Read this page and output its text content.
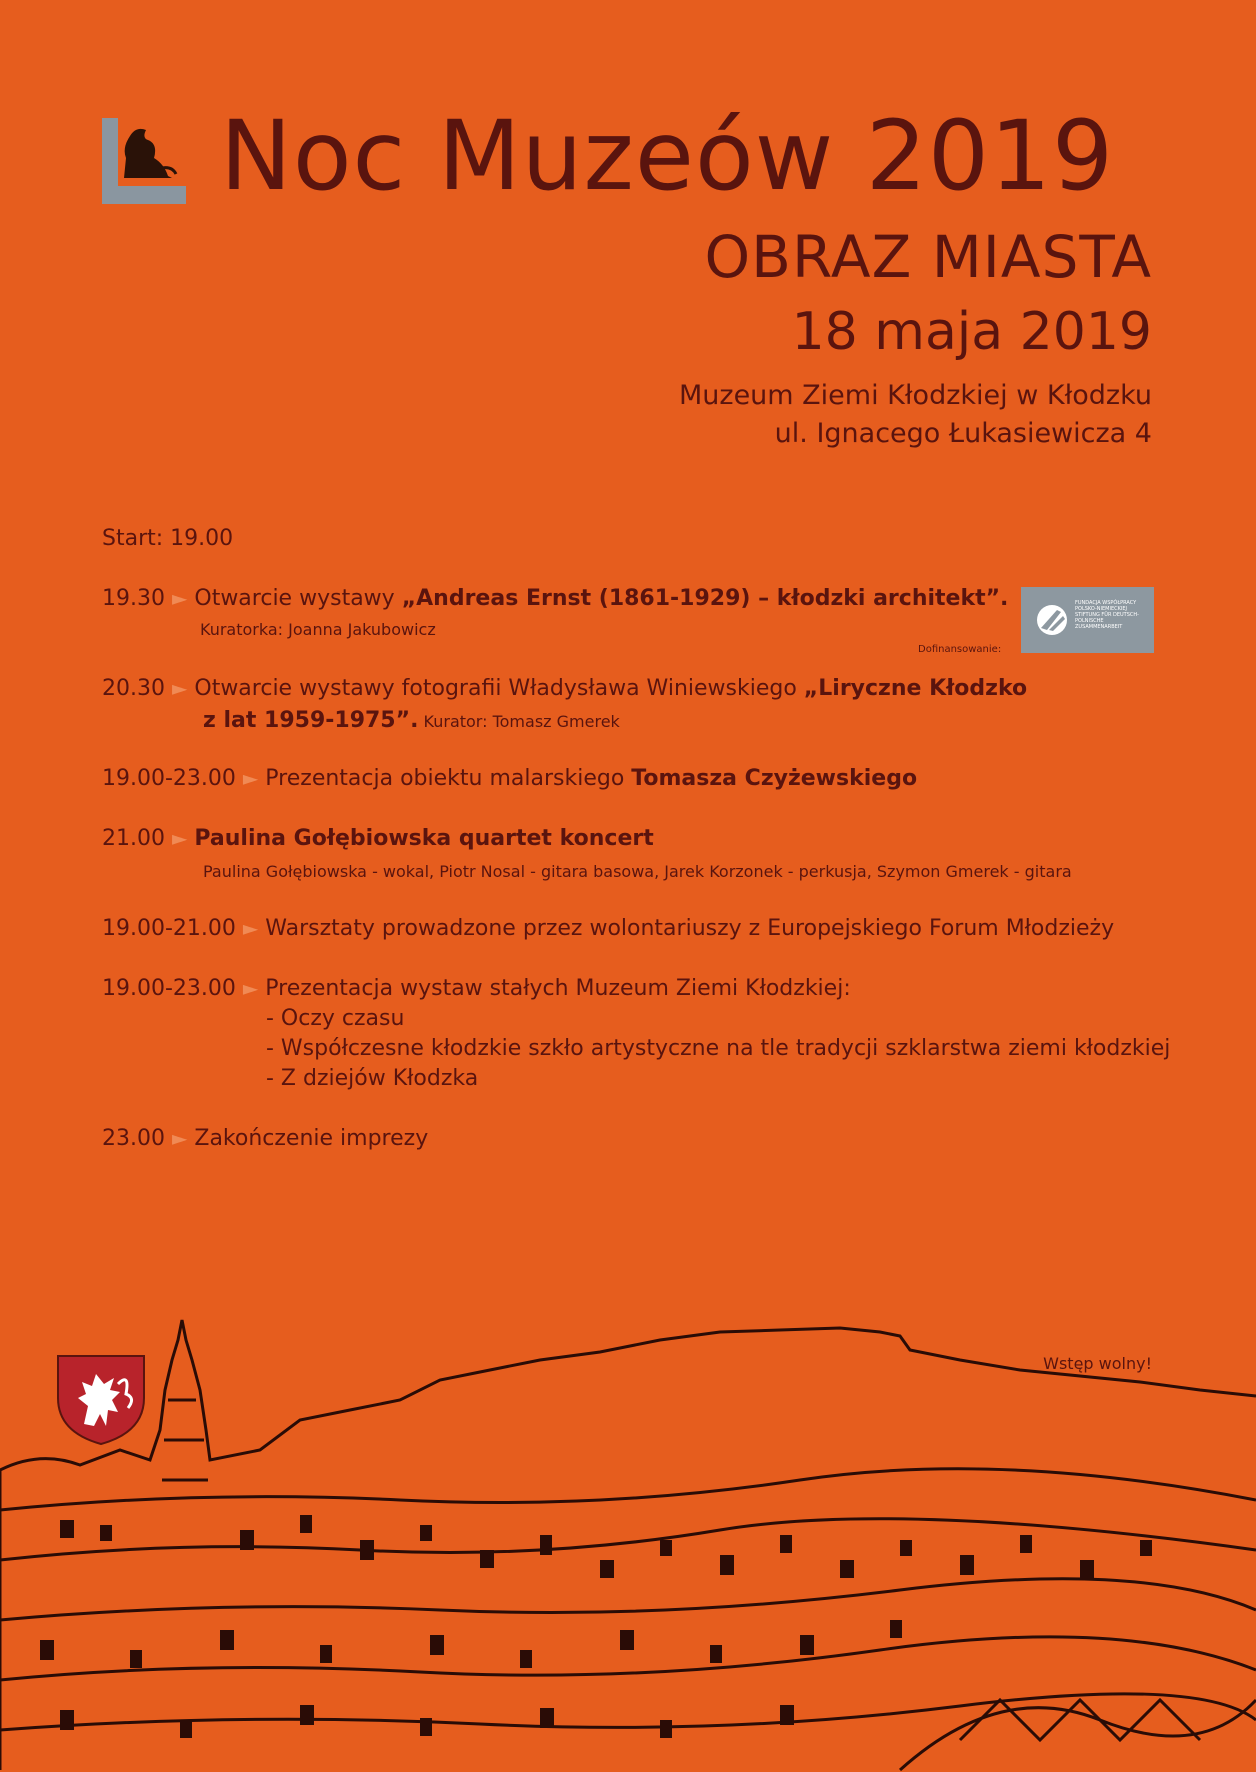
Noc Muzeów 2019
OBRAZ MIASTA
18 maja 2019
Muzeum Ziemi Kłodzkiej w Kłodzku
ul. Ignacego Łukasiewicza 4
Start: 19.00
19.30 ► Otwarcie wystawy „Andreas Ernst (1861-1929) – kłodzki architekt”.
Kuratorka: Joanna Jakubowicz
Dofinansowanie:
FUNDACJA WSPÓŁPRACY POLSKO-NIEMIECKIEJ STIFTUNG FÜR DEUTSCH-POLNISCHE ZUSAMMENARBEIT
20.30 ► Otwarcie wystawy fotografii Władysława Winiewskiego „Liryczne Kłodzko
z lat 1959-1975”. Kurator: Tomasz Gmerek
19.00-23.00 ► Prezentacja obiektu malarskiego Tomasza Czyżewskiego
21.00 ► Paulina Gołębiowska quartet koncert
Paulina Gołębiowska - wokal, Piotr Nosal - gitara basowa, Jarek Korzonek - perkusja, Szymon Gmerek - gitara
19.00-21.00 ► Warsztaty prowadzone przez wolontariuszy z Europejskiego Forum Młodzieży
19.00-23.00 ► Prezentacja wystaw stałych Muzeum Ziemi Kłodzkiej:
- Oczy czasu
- Współczesne kłodzkie szkło artystyczne na tle tradycji szklarstwa ziemi kłodzkiej
- Z dziejów Kłodzka
23.00 ► Zakończenie imprezy
Wstęp wolny!
